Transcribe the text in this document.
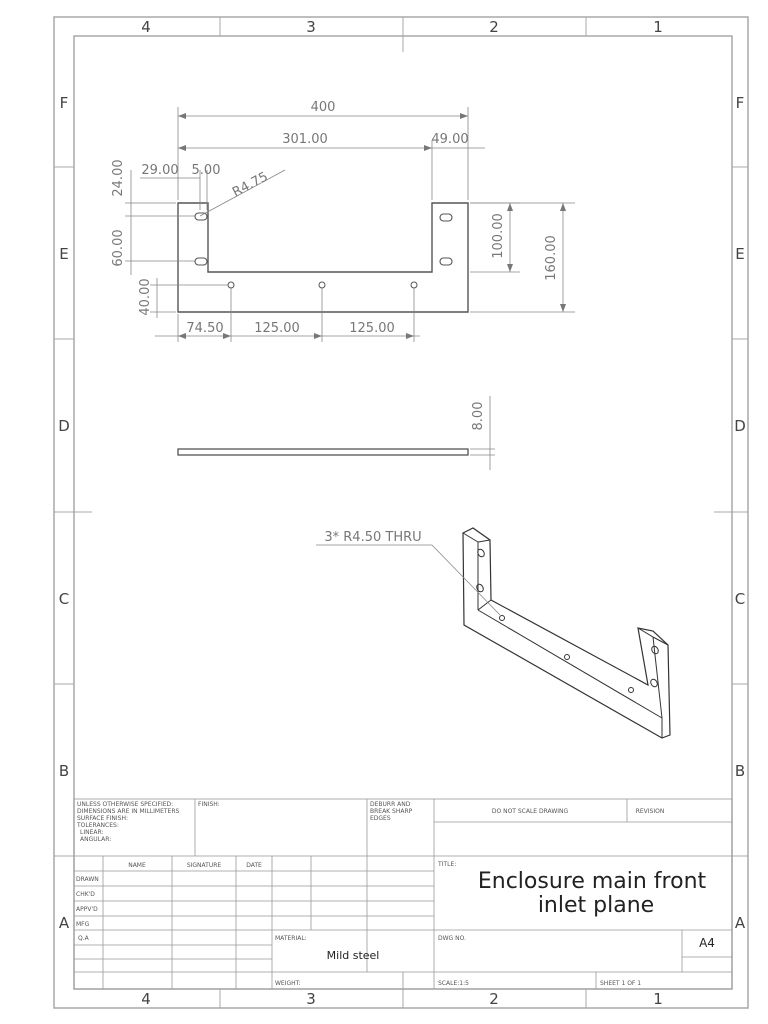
4	3	2	1
4	3	2	1
F
E
D
C
B
A
F
E
D
C
B
A
400
301.00	49.00
29.00 5.00 R4.75
24.00
60.00
40.00
74.50 125.00	125.00
100.00	160.00
8.00
3* R4.50 THRU
UNLESS OTHERWISE SPECIFIED:
DIMENSIONS ARE IN MILLIMETERS
SURFACE FINISH:
TOLERANCES:
LINEAR:
ANGULAR:
FINISH:	DEBURR AND
BREAK SHARP
EDGES
DO NOT SCALE DRAWING	REVISION
NAME	SIGNATURE	DATE
DRAWN
CHK'D
APPV'D
MFG
Q.A
TITLE:
MATERIAL:	DWG NO.
WEIGHT:	SCALE:1:5	SHEET 1 OF 1
Enclosure main front
inlet plane
Mild steel
A4
